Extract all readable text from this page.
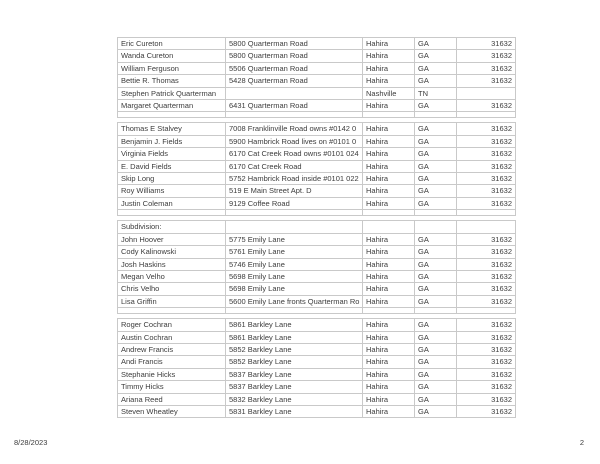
Eric Cureton	5800 Quarterman Road	Hahira	GA	31632
Wanda Cureton	5800 Quarterman Road	Hahira	GA	31632
William Ferguson	5506 Quarterman Road	Hahira	GA	31632
Bettie R. Thomas	5428 Quarterman Road	Hahira	GA	31632
Stephen Patrick Quarterman		Nashville	TN	
Margaret Quarterman	6431 Quarterman Road	Hahira	GA	31632

Thomas E Stalvey	7008 Franklinville Road owns #0142 0	Hahira	GA	31632
Benjamin J. Fields	5900 Hambrick Road lives on #0101 0	Hahira	GA	31632
Virginia Fields	6170 Cat Creek Road owns #0101 024	Hahira	GA	31632
E. David Fields	6170 Cat Creek Road	Hahira	GA	31632
Skip Long	5752 Hambrick Road inside #0101 022	Hahira	GA	31632
Roy Williams	519 E Main Street Apt. D	Hahira	GA	31632
Justin Coleman	9129 Coffee Road	Hahira	GA	31632

Subdivision:				
John Hoover	5775 Emily Lane	Hahira	GA	31632
Cody Kalinowski	5761 Emily Lane	Hahira	GA	31632
Josh Haskins	5746 Emily Lane	Hahira	GA	31632
Megan Velho	5698 Emily Lane	Hahira	GA	31632
Chris Velho	5698 Emily Lane	Hahira	GA	31632
Lisa Griffin	5600 Emily Lane fronts Quarterman Ro	Hahira	GA	31632

Roger Cochran	5861 Barkley Lane	Hahira	GA	31632
Austin Cochran	5861 Barkley Lane	Hahira	GA	31632
Andrew Francis	5852 Barkley Lane	Hahira	GA	31632
Andi Francis	5852 Barkley Lane	Hahira	GA	31632
Stephanie Hicks	5837 Barkley Lane	Hahira	GA	31632
Timmy Hicks	5837 Barkley Lane	Hahira	GA	31632
Ariana Reed	5832 Barkley Lane	Hahira	GA	31632
Steven Wheatley	5831 Barkley Lane	Hahira	GA	31632
8/28/2023	2
